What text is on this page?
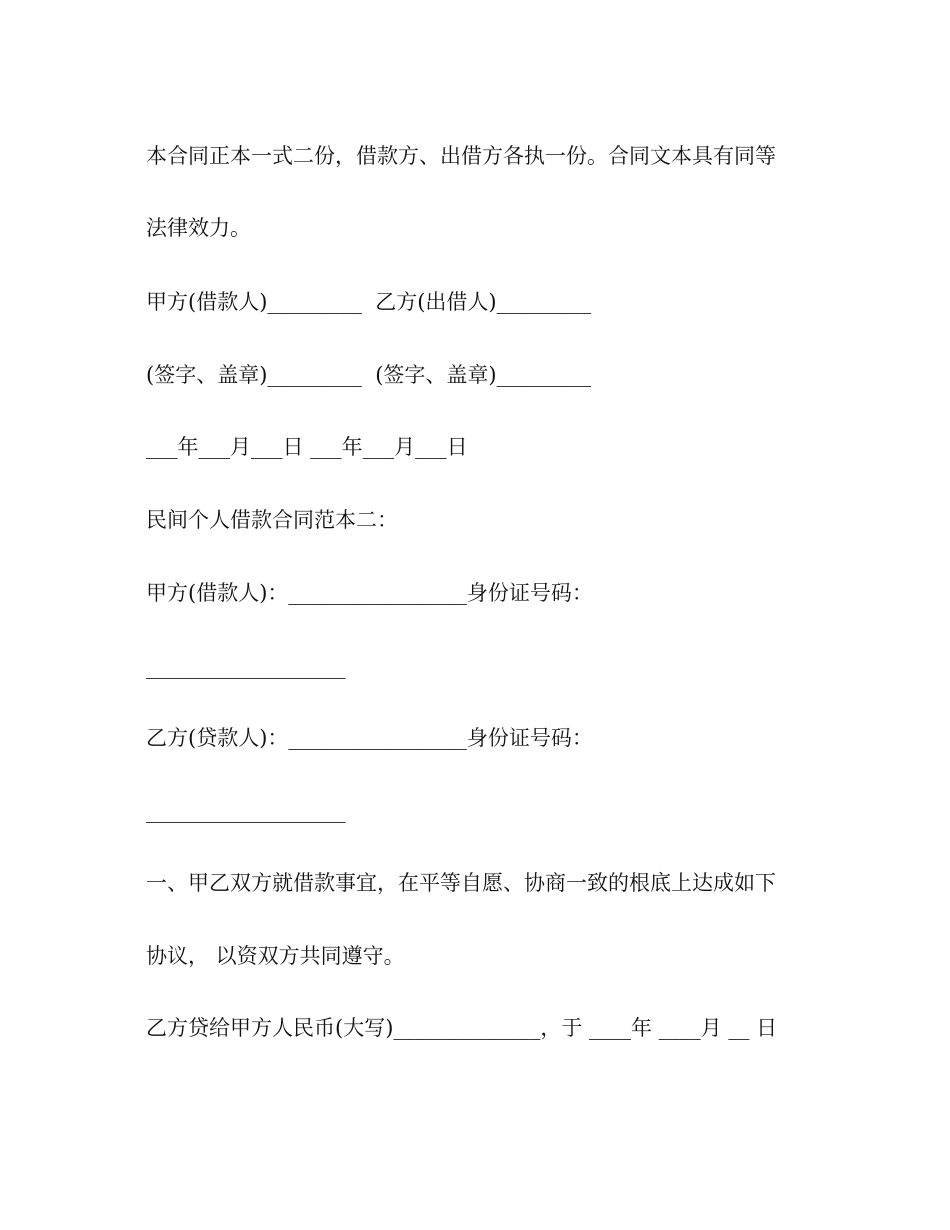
本合同正本一式二份，借款方、出借方各执一份。合同文本具有同等

法律效力。

甲方(借款人)_________  乙方(出借人)_________

(签字、盖章)_________  (签字、盖章)_________

___年___月___日 ___年___月___日

民间个人借款合同范本二：

甲方(借款人)：_________________身份证号码：

___________________

乙方(贷款人)：_________________身份证号码：

___________________

一、甲乙双方就借款事宜，在平等自愿、协商一致的根底上达成如下

协议， 以资双方共同遵守。

乙方贷给甲方人民币(大写)______________，于 ____年 ____月 __ 日
